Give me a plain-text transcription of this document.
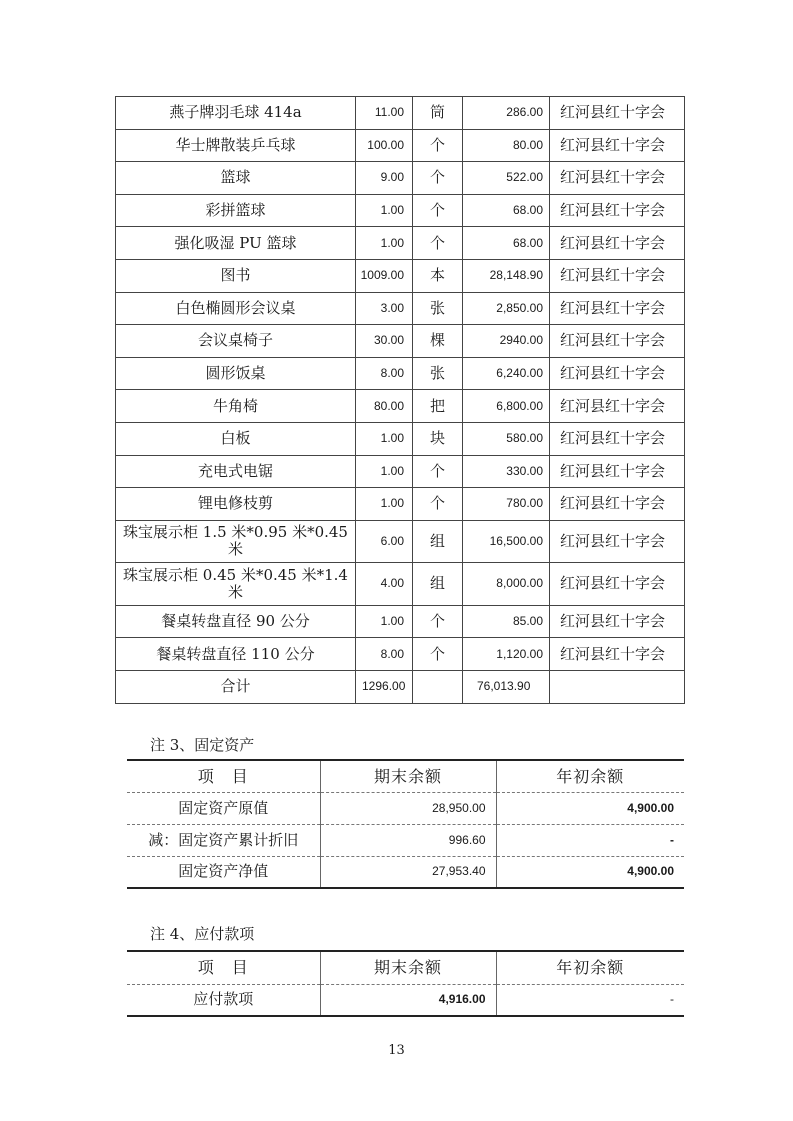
燕子牌羽毛球 414a	11.00	筒	286.00	红河县红十字会
华士牌散装乒乓球	100.00	个	80.00	红河县红十字会
篮球	9.00	个	522.00	红河县红十字会
彩拼篮球	1.00	个	68.00	红河县红十字会
强化吸湿 PU 篮球	1.00	个	68.00	红河县红十字会
图书	1009.00	本	28,148.90	红河县红十字会
白色椭圆形会议桌	3.00	张	2,850.00	红河县红十字会
会议桌椅子	30.00	棵	2940.00	红河县红十字会
圆形饭桌	8.00	张	6,240.00	红河县红十字会
牛角椅	80.00	把	6,800.00	红河县红十字会
白板	1.00	块	580.00	红河县红十字会
充电式电锯	1.00	个	330.00	红河县红十字会
锂电修枝剪	1.00	个	780.00	红河县红十字会
珠宝展示柜 1.5 米*0.95 米*0.45 米	6.00	组	16,500.00	红河县红十字会
珠宝展示柜 0.45 米*0.45 米*1.4 米	4.00	组	8,000.00	红河县红十字会
餐桌转盘直径 90 公分	1.00	个	85.00	红河县红十字会
餐桌转盘直径 110 公分	8.00	个	1,120.00	红河县红十字会
合计	1296.00		76,013.90	

注 3、固定资产

项　目	期末余额	年初余额
固定资产原值	28,950.00	4,900.00
减：固定资产累计折旧	996.60	-
固定资产净值	27,953.40	4,900.00

注 4、应付款项

项　目	期末余额	年初余额
应付款项	4,916.00	-
13
